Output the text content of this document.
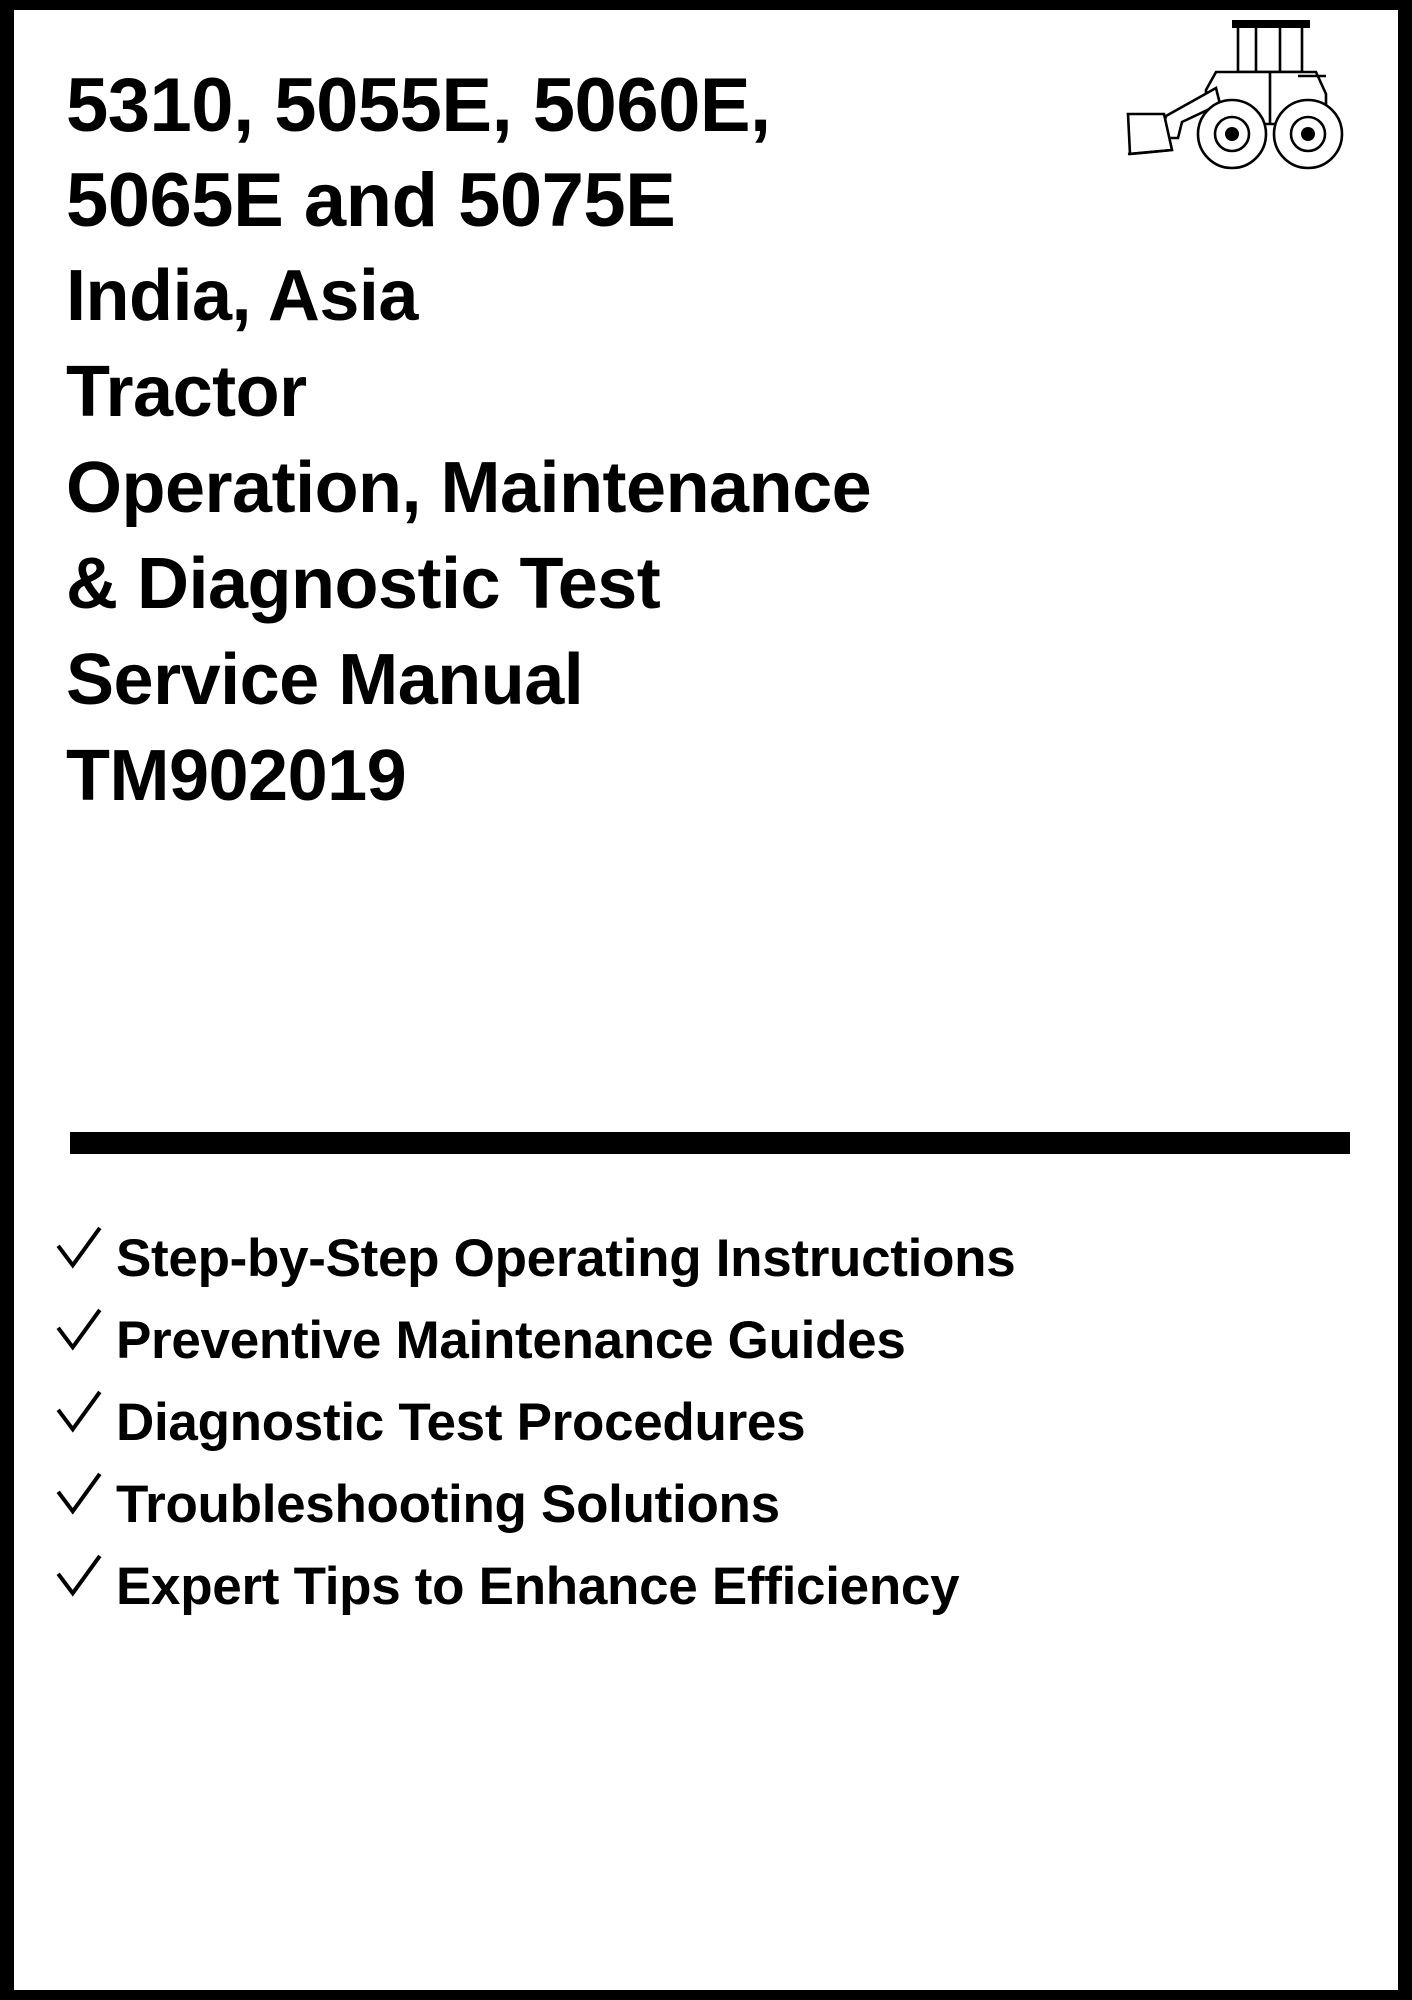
5310, 5055E, 5060E,
5065E and 5075E
India, Asia
Tractor
Operation, Maintenance
& Diagnostic Test
Service Manual
TM902019
Step-by-Step Operating Instructions
Preventive Maintenance Guides
Diagnostic Test Procedures
Troubleshooting Solutions
Expert Tips to Enhance Efficiency
